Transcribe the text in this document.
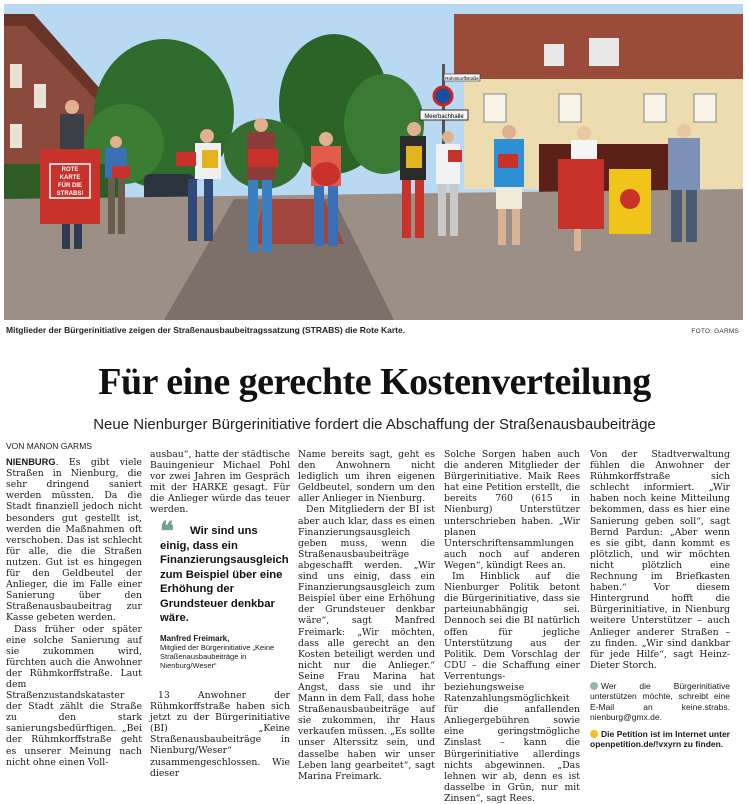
Meerbachhalle
Rühmkorffstraße
ROTE
KARTE
FÜR DIE
STRABS!
Mitglieder der Bürgerinitiative zeigen der Straßenausbaubeitragssatzung (STRABS) die Rote Karte.	FOTO: GARMS
Für eine gerechte Kostenverteilung
Neue Nienburger Bürgerinitiative fordert die Abschaffung der Straßenausbaubeiträge
VON MANON GARMS

NIENBURG. Es gibt viele Straßen in Nienburg, die sehr dringend saniert werden müssten. Da die Stadt finanziell jedoch nicht besonders gut gestellt ist, werden die Maßnahmen oft verschoben. Das ist schlecht für alle, die die Straßen nutzen. Gut ist es hingegen für den Geldbeutel der Anlieger, die im Falle einer Sanierung über den Straßenausbaubeitrag zur Kasse gebeten werden.

Dass früher oder später eine solche Sanierung auf sie zukommen wird, fürchten auch die Anwohner der Rühmkorffstraße. Laut dem Straßenzustandskataster der Stadt zählt die Straße zu den stark sanierungsbedürftigen. „Bei der Rühmkorffstraße geht es unserer Meinung nach nicht ohne einen Voll-

ausbau“, hatte der städtische Bauingenieur Michael Pohl vor zwei Jahren im Gespräch mit der HARKE gesagt. Für die Anlieger würde das teuer werden.

❝	Wir sind uns einig, dass ein Finanzierungsausgleich zum Beispiel über eine Erhöhung der Grundsteuer denkbar wäre.
Manfred Freimark,
Mitglied der Bürgerinitiative „Keine Straßenausbaubeiträge in Nienburg/Weser“

13 Anwohner der Rühmkorffstraße haben sich jetzt zu der Bürgerinitiative (BI) „Keine Straßenausbaubeiträge in Nienburg/Weser“ zusammengeschlossen. Wie dieser

Name bereits sagt, geht es den Anwohnern nicht lediglich um ihren eigenen Geldbeutel, sondern um den aller Anlieger in Nienburg.

Den Mitgliedern der BI ist aber auch klar, dass es einen Finanzierungsausgleich geben muss, wenn die Straßenausbaubeiträge abgeschafft werden. „Wir sind uns einig, dass ein Finanzierungsausgleich zum Beispiel über eine Erhöhung der Grundsteuer denkbar wäre“, sagt Manfred Freimark: „Wir möchten, dass alle gerecht an den Kosten beteiligt werden und nicht nur die Anlieger.“ Seine Frau Marina hat Angst, dass sie und ihr Mann in dem Fall, dass hohe Straßenausbaubeiträge auf sie zukommen, ihr Haus verkaufen müssen. „Es sollte unser Alterssitz sein, und dasselbe haben wir unser Leben lang gearbeitet“, sagt Marina Freimark.

Solche Sorgen haben auch die anderen Mitglieder der Bürgerinitiative. Maik Rees hat eine Petition erstellt, die bereits 760 (615 in Nienburg) Unterstützer unterschrieben haben. „Wir planen Unterschriftensammlungen auch noch auf anderen Wegen“, kündigt Rees an.

Im Hinblick auf die Nienburger Politik betont die Bürgerinitiative, dass sie parteiunabhängig sei. Dennoch sei die BI natürlich offen für jegliche Unterstützung aus der Politik. Dem Vorschlag der CDU – die Schaffung einer Verrentungs- beziehungsweise Ratenzahlungsmöglichkeit für die anfallenden Anliegergebühren sowie eine geringstmögliche Zinslast – kann die Bürgerinitiative allerdings nichts abgewinnen. „Das lehnen wir ab, denn es ist dasselbe in Grün, nur mit Zinsen“, sagt Rees.

Von der Stadtverwaltung fühlen die Anwohner der Rühmkorffstraße sich schlecht informiert. „Wir haben noch keine Mitteilung bekommen, dass es hier eine Sanierung geben soll“, sagt Bernd Pardun: „Aber wenn es sie gibt, dann kommt es plötzlich, und wir möchten nicht plötzlich eine Rechnung im Briefkasten haben.“ Vor diesem Hintergrund hofft die Bürgerinitiative, in Nienburg weitere Unterstützer – auch Anlieger anderer Straßen – zu finden. „Wir sind dankbar für jede Hilfe“, sagt Heinz-Dieter Storch.

Wer die Bürgerinitiative unterstützen möchte, schreibt eine E-Mail an keine.strabs. nienburg@gmx.de.
Die Petition ist im Internet unter openpetition.de/!vxyrn zu finden.
